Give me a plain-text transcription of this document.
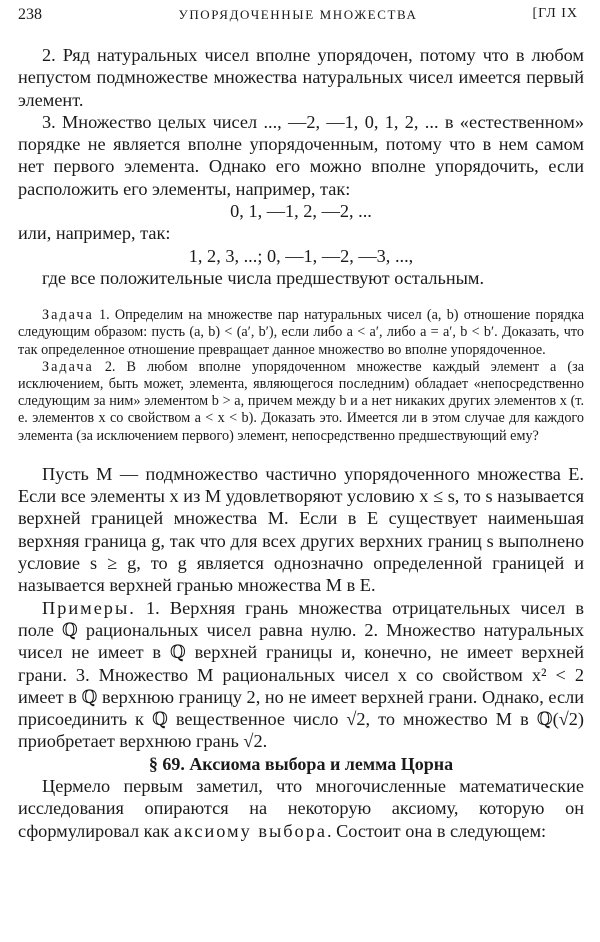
238	УПОРЯДОЧЕННЫЕ МНОЖЕСТВА	[ГЛ IX

2. Ряд натуральных чисел вполне упорядочен, потому что в любом непустом подмножестве множества натуральных чисел имеется первый элемент.

3. Множество целых чисел ..., —2, —1, 0, 1, 2, ... в «естественном» порядке не является вполне упорядоченным, потому что в нем самом нет первого элемента. Однако его можно вполне упорядочить, если расположить его элементы, например, так:

0, 1, —1, 2, —2, ...

или, например, так:

1, 2, 3, ...; 0, —1, —2, —3, ...,

где все положительные числа предшествуют остальным.

Задача 1. Определим на множестве пар натуральных чисел (a, b) отношение порядка следующим образом: пусть (a, b) < (a′, b′), если либо a < a′, либо a = a′, b < b′. Доказать, что так определенное отношение превращает данное множество во вполне упорядоченное.

Задача 2. В любом вполне упорядоченном множестве каждый элемент a (за исключением, быть может, элемента, являющегося последним) обладает «непосредственно следующим за ним» элементом b > a, причем между b и a нет никаких других элементов x (т. е. элементов x со свойством a < x < b). Доказать это. Имеется ли в этом случае для каждого элемента (за исключением первого) элемент, непосредственно предшествующий ему?

Пусть M — подмножество частично упорядоченного множества E. Если все элементы x из M удовлетворяют условию x ≤ s, то s называется верхней границей множества M. Если в E существует наименьшая верхняя граница g, так что для всех других верхних границ s выполнено условие s ≥ g, то g является однозначно определенной границей и называется верхней гранью множества M в E.

Примеры. 1. Верхняя грань множества отрицательных чисел в поле ℚ рациональных чисел равна нулю. 2. Множество натуральных чисел не имеет в ℚ верхней границы и, конечно, не имеет верхней грани. 3. Множество M рациональных чисел x со свойством x² < 2 имеет в ℚ верхнюю границу 2, но не имеет верхней грани. Однако, если присоединить к ℚ вещественное число √2, то множество M в ℚ(√2) приобретает верхнюю грань √2.

§ 69. Аксиома выбора и лемма Цорна

Цермело первым заметил, что многочисленные математические исследования опираются на некоторую аксиому, которую он сформулировал как аксиому выбора. Состоит она в следующем:
